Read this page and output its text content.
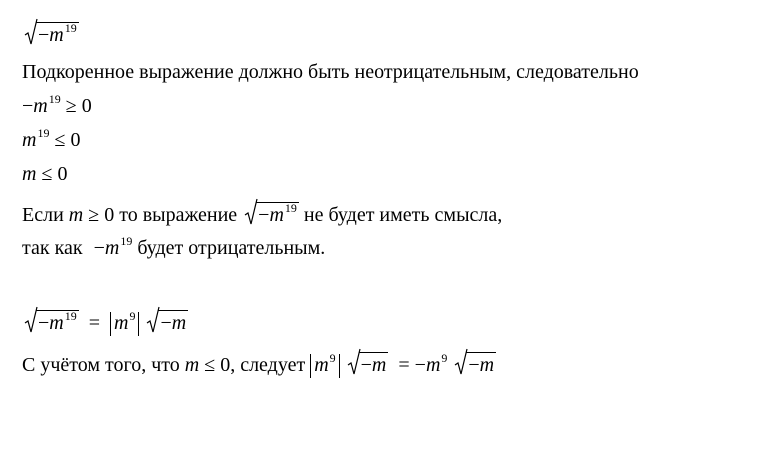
$-m^{19}$
Подкоренное выражение должно быть неотрицательным, следовательно
$-m^{19} \ge 0$
$m^{19} \le 0$
m ≤ 0
Если m ≥ 0 то выражение $-m^{19}$ не будет иметь смысла,
так как $-m^{19}$ будет отрицательным.
$-m^{19} = m^9 -m$
С учётом того, что m ≤ 0, следует $m^9 -m = -m^9 -m$
